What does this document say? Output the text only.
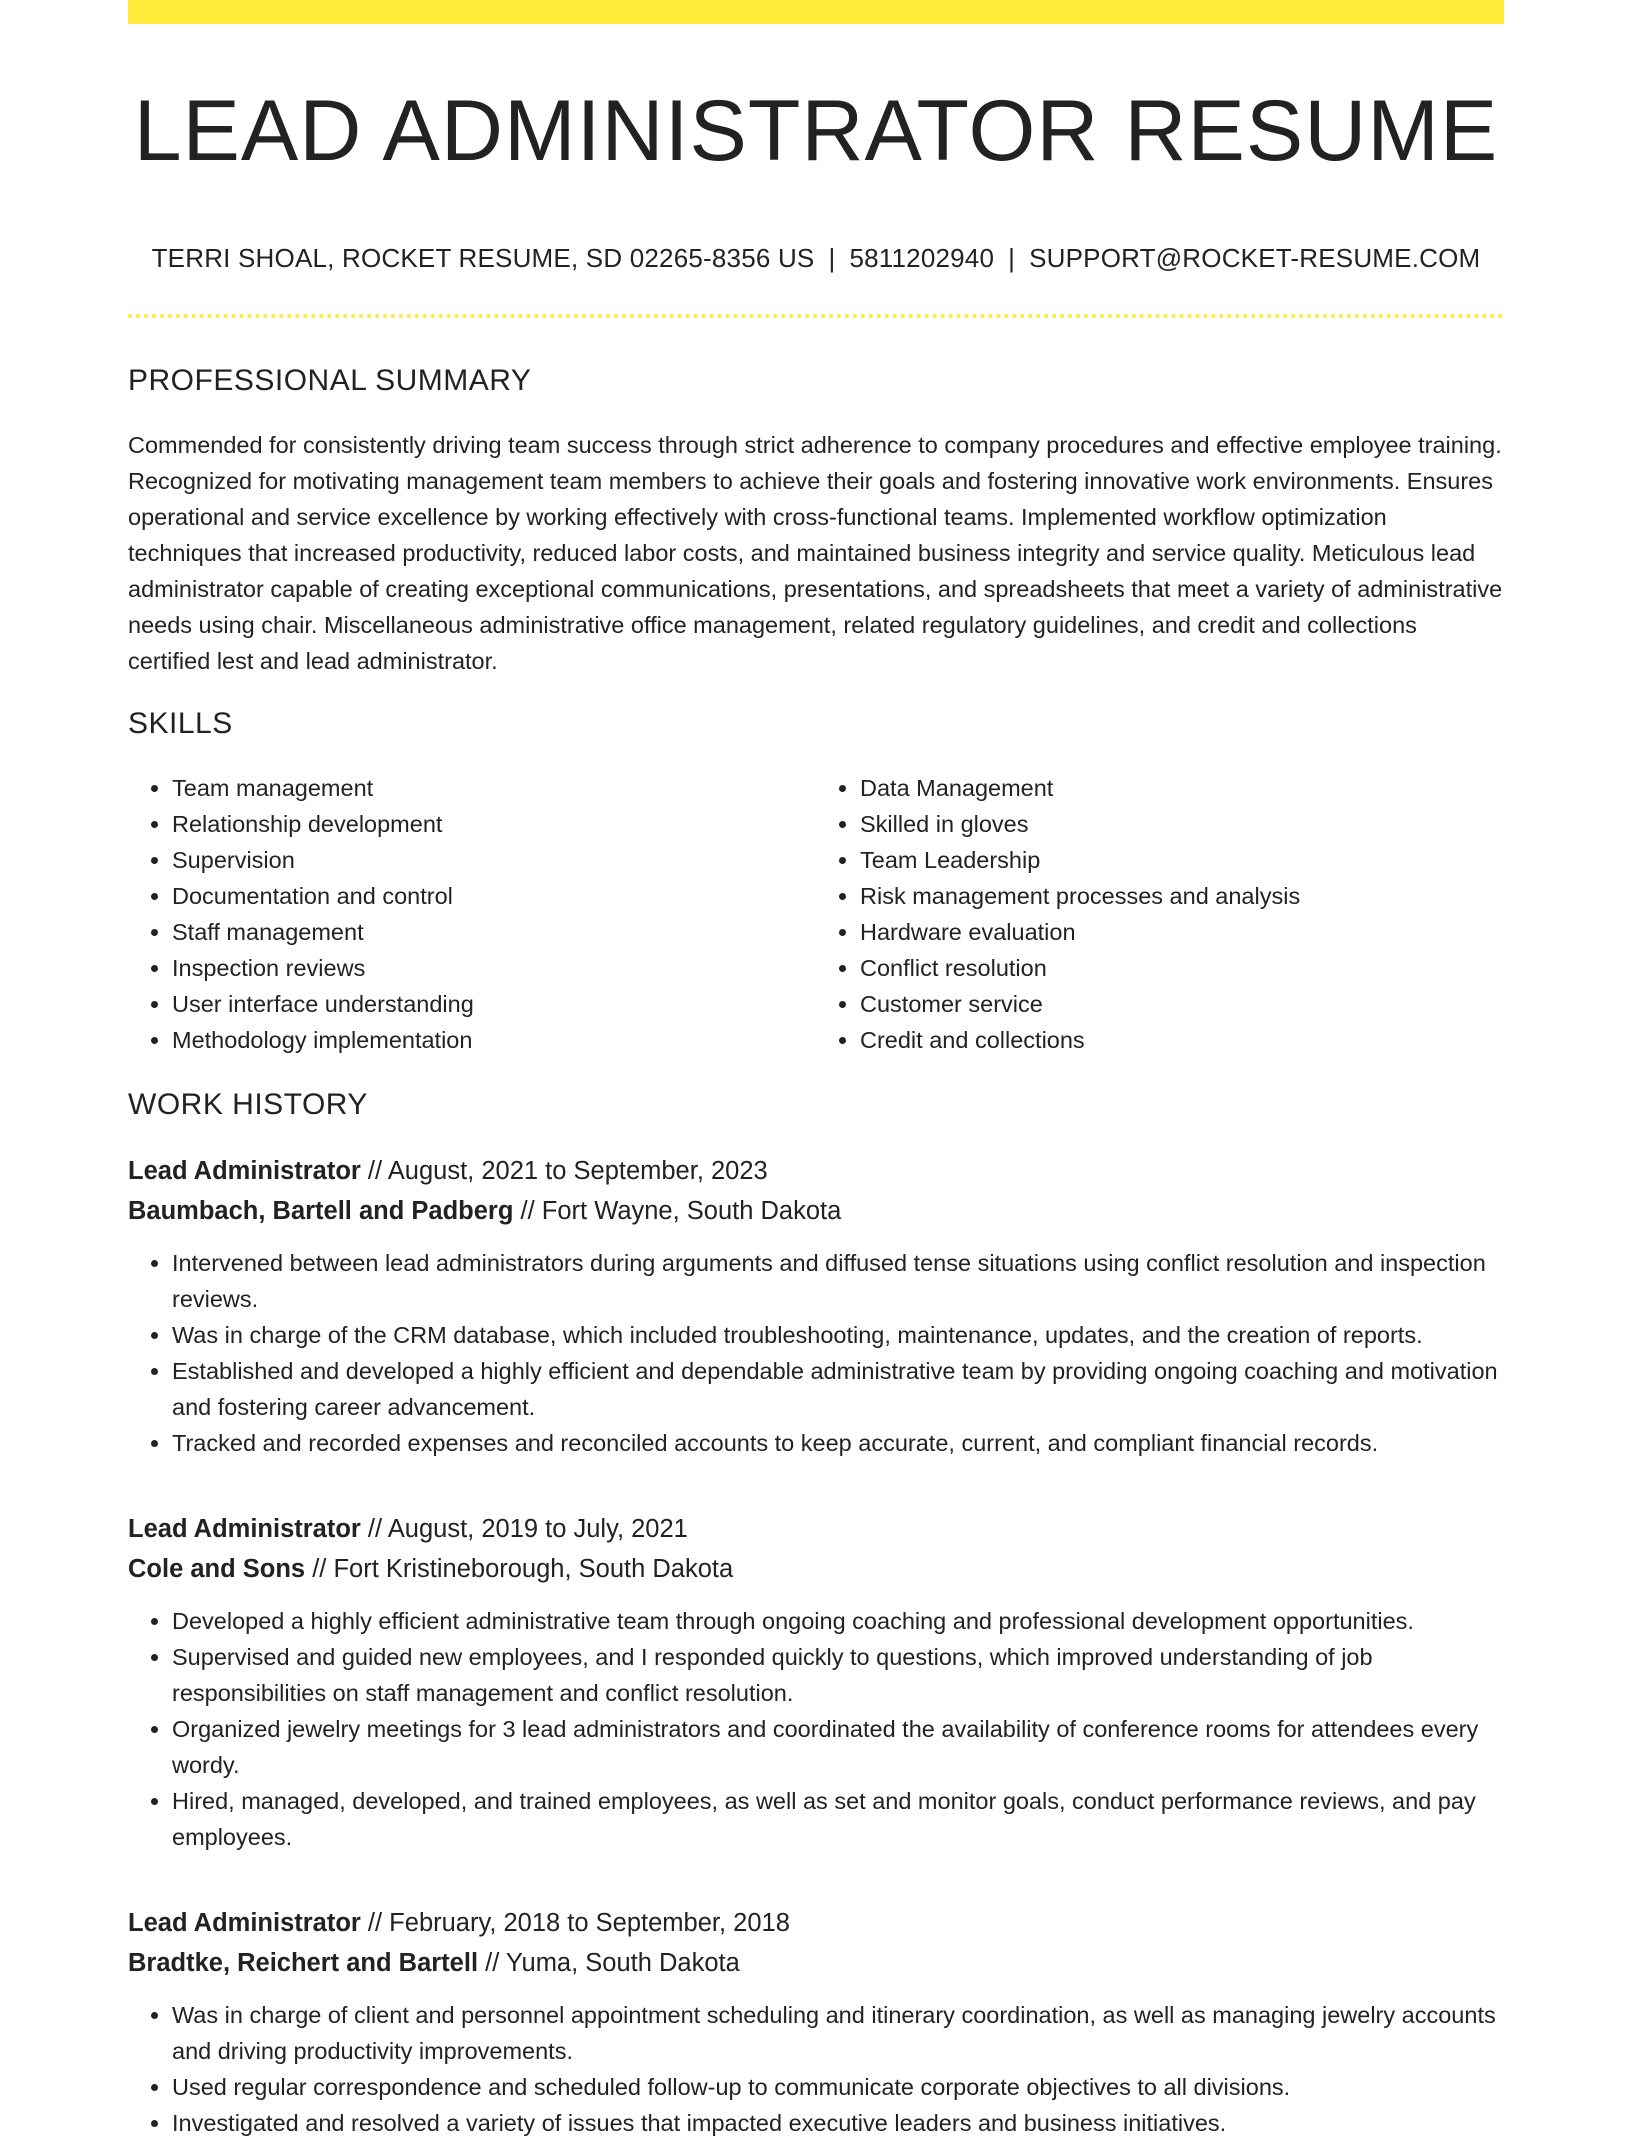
LEAD ADMINISTRATOR RESUME
TERRI SHOAL, ROCKET RESUME, SD 02265-8356 US | 5811202940 | SUPPORT@ROCKET-RESUME.COM
PROFESSIONAL SUMMARY

Commended for consistently driving team success through strict adherence to company procedures and effective employee training. Recognized for motivating management team members to achieve their goals and fostering innovative work environments. Ensures operational and service excellence by working effectively with cross-functional teams. Implemented workflow optimization techniques that increased productivity, reduced labor costs, and maintained business integrity and service quality. Meticulous lead administrator capable of creating exceptional communications, presentations, and spreadsheets that meet a variety of administrative needs using chair. Miscellaneous administrative office management, related regulatory guidelines, and credit and collections certified lest and lead administrator.

SKILLS
• Team management
• Relationship development
• Supervision
• Documentation and control
• Staff management
• Inspection reviews
• User interface understanding
• Methodology implementation
• Data Management
• Skilled in gloves
• Team Leadership
• Risk management processes and analysis
• Hardware evaluation
• Conflict resolution
• Customer service
• Credit and collections
WORK HISTORY
Lead Administrator // August, 2021 to September, 2023
Baumbach, Bartell and Padberg // Fort Wayne, South Dakota
• Intervened between lead administrators during arguments and diffused tense situations using conflict resolution and inspection reviews.
• Was in charge of the CRM database, which included troubleshooting, maintenance, updates, and the creation of reports.
• Established and developed a highly efficient and dependable administrative team by providing ongoing coaching and motivation and fostering career advancement.
• Tracked and recorded expenses and reconciled accounts to keep accurate, current, and compliant financial records.
Lead Administrator // August, 2019 to July, 2021
Cole and Sons // Fort Kristineborough, South Dakota
• Developed a highly efficient administrative team through ongoing coaching and professional development opportunities.
• Supervised and guided new employees, and I responded quickly to questions, which improved understanding of job responsibilities on staff management and conflict resolution.
• Organized jewelry meetings for 3 lead administrators and coordinated the availability of conference rooms for attendees every wordy.
• Hired, managed, developed, and trained employees, as well as set and monitor goals, conduct performance reviews, and pay employees.
Lead Administrator // February, 2018 to September, 2018
Bradtke, Reichert and Bartell // Yuma, South Dakota
• Was in charge of client and personnel appointment scheduling and itinerary coordination, as well as managing jewelry accounts and driving productivity improvements.
• Used regular correspondence and scheduled follow-up to communicate corporate objectives to all divisions.
• Investigated and resolved a variety of issues that impacted executive leaders and business initiatives.
